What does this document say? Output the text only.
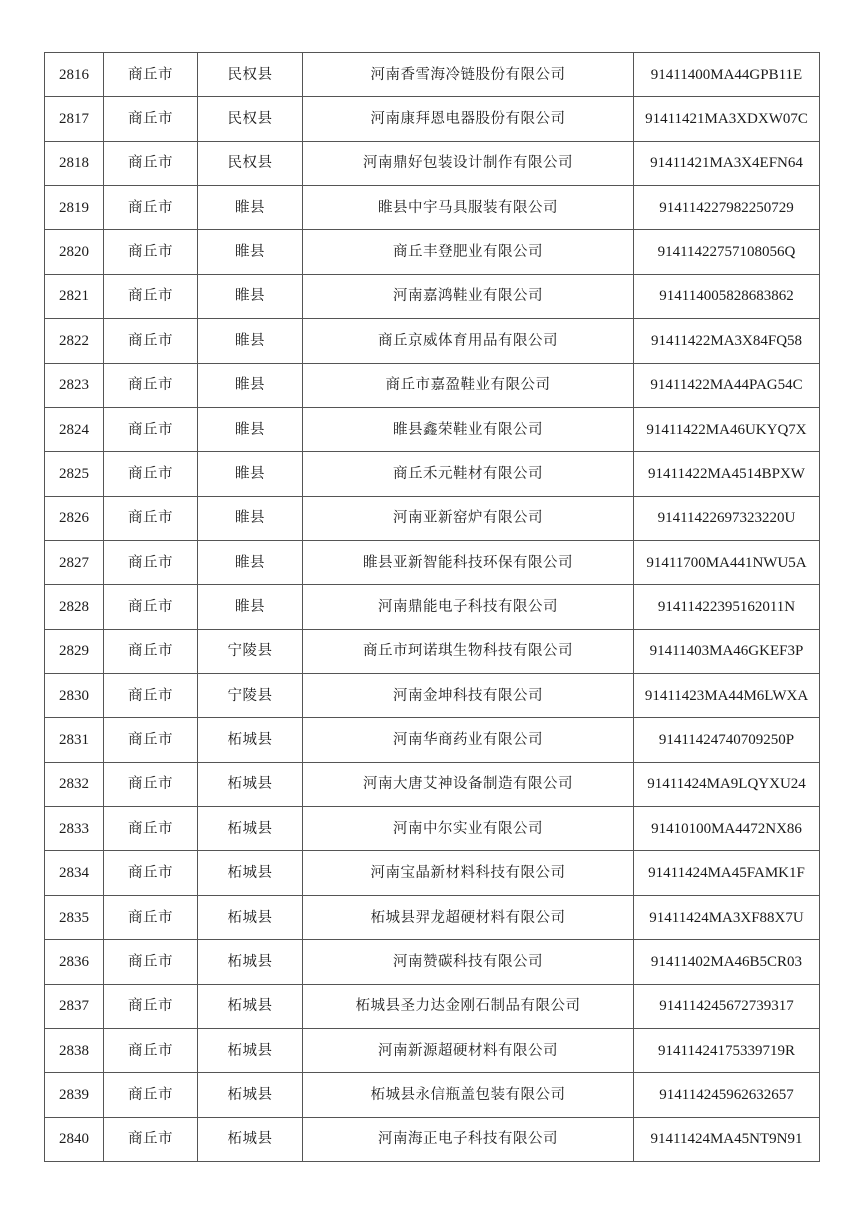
2816	商丘市	民权县	河南香雪海冷链股份有限公司	91411400MA44GPB11E
2817	商丘市	民权县	河南康拜恩电器股份有限公司	91411421MA3XDXW07C
2818	商丘市	民权县	河南鼎好包装设计制作有限公司	91411421MA3X4EFN64
2819	商丘市	睢县	睢县中宇马具服装有限公司	914114227982250729
2820	商丘市	睢县	商丘丰登肥业有限公司	91411422757108056Q
2821	商丘市	睢县	河南嘉鸿鞋业有限公司	914114005828683862
2822	商丘市	睢县	商丘京威体育用品有限公司	91411422MA3X84FQ58
2823	商丘市	睢县	商丘市嘉盈鞋业有限公司	91411422MA44PAG54C
2824	商丘市	睢县	睢县鑫荣鞋业有限公司	91411422MA46UKYQ7X
2825	商丘市	睢县	商丘禾元鞋材有限公司	91411422MA4514BPXW
2826	商丘市	睢县	河南亚新窑炉有限公司	91411422697323220U
2827	商丘市	睢县	睢县亚新智能科技环保有限公司	91411700MA441NWU5A
2828	商丘市	睢县	河南鼎能电子科技有限公司	91411422395162011N
2829	商丘市	宁陵县	商丘市珂诺琪生物科技有限公司	91411403MA46GKEF3P
2830	商丘市	宁陵县	河南金坤科技有限公司	91411423MA44M6LWXA
2831	商丘市	柘城县	河南华商药业有限公司	91411424740709250P
2832	商丘市	柘城县	河南大唐艾神设备制造有限公司	91411424MA9LQYXU24
2833	商丘市	柘城县	河南中尔实业有限公司	91410100MA4472NX86
2834	商丘市	柘城县	河南宝晶新材料科技有限公司	91411424MA45FAMK1F
2835	商丘市	柘城县	柘城县羿龙超硬材料有限公司	91411424MA3XF88X7U
2836	商丘市	柘城县	河南赞碳科技有限公司	91411402MA46B5CR03
2837	商丘市	柘城县	柘城县圣力达金刚石制品有限公司	914114245672739317
2838	商丘市	柘城县	河南新源超硬材料有限公司	91411424175339719R
2839	商丘市	柘城县	柘城县永信瓶盖包装有限公司	914114245962632657
2840	商丘市	柘城县	河南海正电子科技有限公司	91411424MA45NT9N91
